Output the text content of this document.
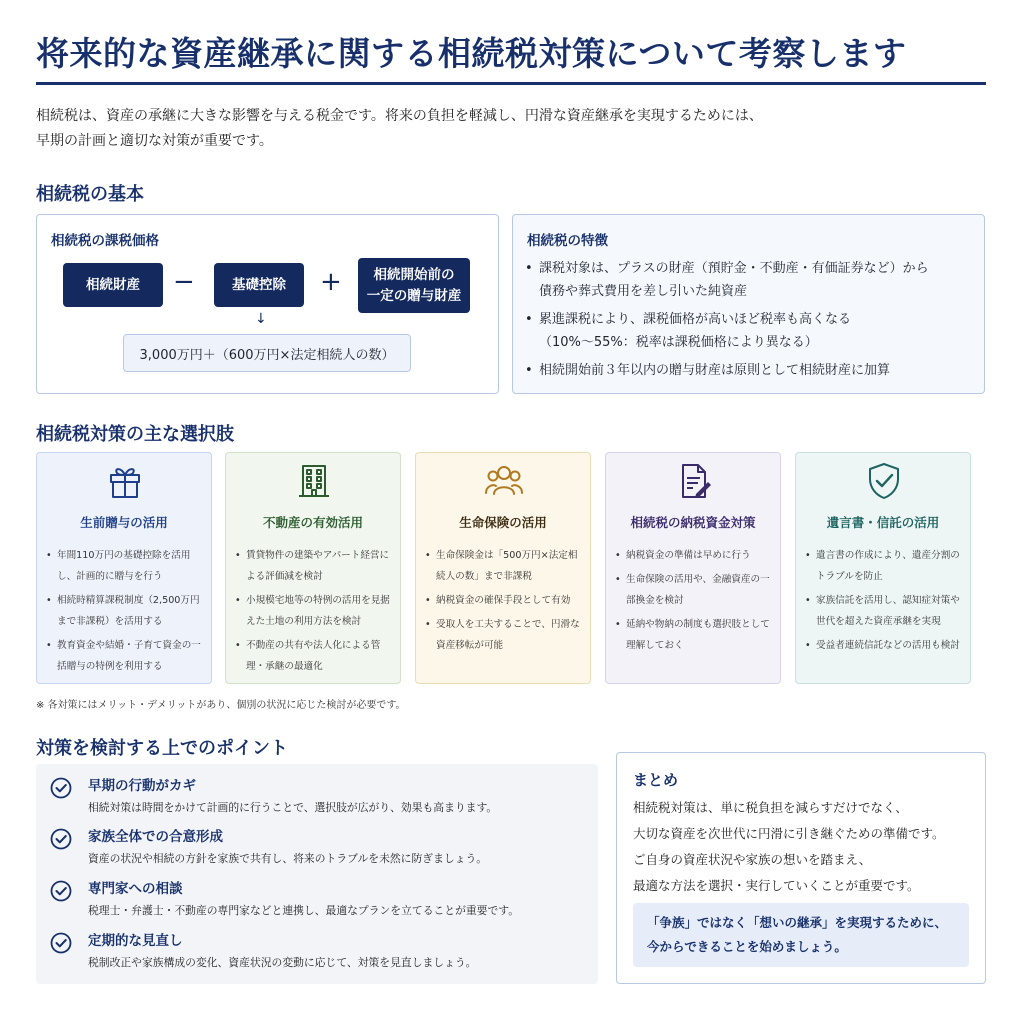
将来的な資産継承に関する相続税対策について考察します
相続税は、資産の承継に大きな影響を与える税金です。将来の負担を軽減し、円滑な資産継承を実現するためには、
早期の計画と適切な対策が重要です。
相続税の基本
相続税の課税価格
相続財産	−	基礎控除	+ 相続開始前の
一定の贈与財産
↓
3,000万円＋（600万円×法定相続人の数）
相続税の特徴
• 課税対象は、プラスの財産（預貯金・不動産・有価証券など）から
債務や葬式費用を差し引いた純資産
• 累進課税により、課税価格が高いほど税率も高くなる
（10%〜55%：税率は課税価格により異なる）
• 相続開始前３年以内の贈与財産は原則として相続財産に加算
相続税対策の主な選択肢
生前贈与の活用
• 年間110万円の基礎控除を活用し、計画的に贈与を行う
• 相続時精算課税制度（2,500万円まで非課税）を活用する
• 教育資金や結婚・子育て資金の一括贈与の特例を利用する
不動産の有効活用
• 賃貸物件の建築やアパート経営による評価減を検討
• 小規模宅地等の特例の活用を見据えた土地の利用方法を検討
• 不動産の共有や法人化による管理・承継の最適化
生命保険の活用
• 生命保険金は「500万円×法定相続人の数」まで非課税
• 納税資金の確保手段として有効
• 受取人を工夫することで、円滑な資産移転が可能
相続税の納税資金対策
• 納税資金の準備は早めに行う
• 生命保険の活用や、金融資産の一部換金を検討
• 延納や物納の制度も選択肢として理解しておく
遺言書・信託の活用
• 遺言書の作成により、遺産分割のトラブルを防止
• 家族信託を活用し、認知症対策や世代を超えた資産承継を実現
• 受益者連続信託などの活用も検討
※ 各対策にはメリット・デメリットがあり、個別の状況に応じた検討が必要です。
対策を検討する上でのポイント
早期の行動がカギ
相続対策は時間をかけて計画的に行うことで、選択肢が広がり、効果も高まります。
家族全体での合意形成
資産の状況や相続の方針を家族で共有し、将来のトラブルを未然に防ぎましょう。
専門家への相談
税理士・弁護士・不動産の専門家などと連携し、最適なプランを立てることが重要です。
定期的な見直し
税制改正や家族構成の変化、資産状況の変動に応じて、対策を見直しましょう。
まとめ
相続税対策は、単に税負担を減らすだけでなく、
大切な資産を次世代に円滑に引き継ぐための準備です。
ご自身の資産状況や家族の想いを踏まえ、
最適な方法を選択・実行していくことが重要です。
「争族」ではなく「想いの継承」を実現するために、
今からできることを始めましょう。
